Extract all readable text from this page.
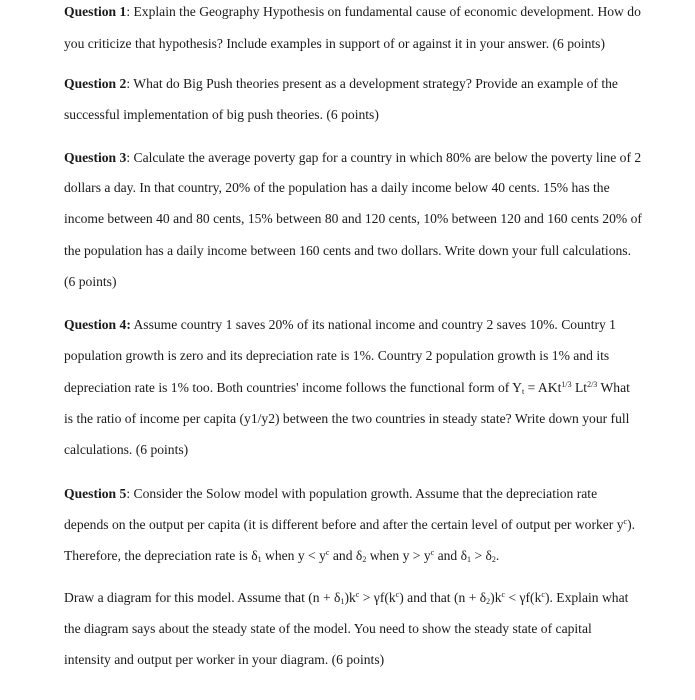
Question 1: Explain the Geography Hypothesis on fundamental cause of economic development. How do
you criticize that hypothesis? Include examples in support of or against it in your answer. (6 points)
Question 2: What do Big Push theories present as a development strategy? Provide an example of the
successful implementation of big push theories. (6 points)
Question 3: Calculate the average poverty gap for a country in which 80% are below the poverty line of 2
dollars a day. In that country, 20% of the population has a daily income below 40 cents. 15% has the
income between 40 and 80 cents, 15% between 80 and 120 cents, 10% between 120 and 160 cents 20% of
the population has a daily income between 160 cents and two dollars. Write down your full calculations.
(6 points)
Question 4: Assume country 1 saves 20% of its national income and country 2 saves 10%. Country 1
population growth is zero and its depreciation rate is 1%. Country 2 population growth is 1% and its
depreciation rate is 1% too. Both countries' income follows the functional form of $Y_t = AKt^{1/3}$ $Lt^{2/3}$ What
is the ratio of income per capita (y1/y2) between the two countries in steady state? Write down your full
calculations. (6 points)
Question 5: Consider the Solow model with population growth. Assume that the depreciation rate
depends on the output per capita (it is different before and after the certain level of output per worker $y^c$).
Therefore, the depreciation rate is $\delta_1$ when $y < y^c$ and $\delta_2$ when $y > y^c$ and $\delta_1 > \delta_2$.
Draw a diagram for this model. Assume that $(n + \delta_1)k^c > \gamma f(k^c)$ and that $(n + \delta_2)k^c < \gamma f(k^c)$. Explain what
the diagram says about the steady state of the model. You need to show the steady state of capital
intensity and output per worker in your diagram. (6 points)
